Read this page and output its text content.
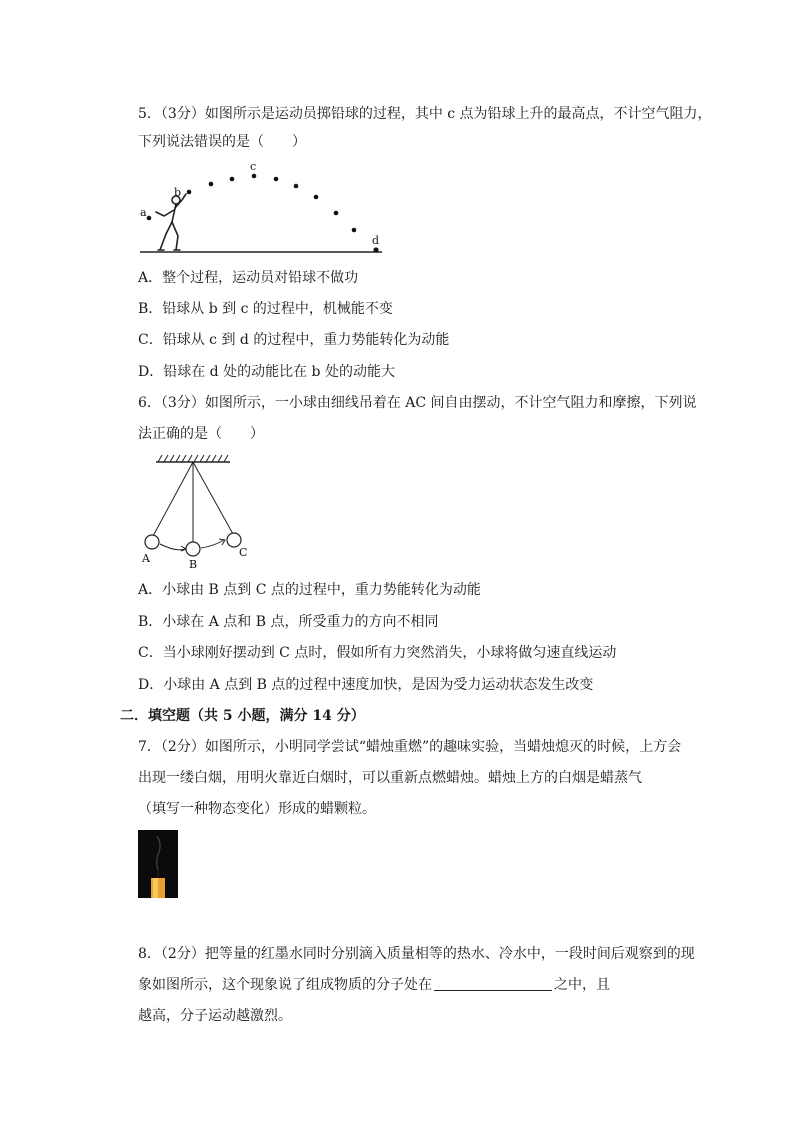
5．（3分）如图所示是运动员掷铅球的过程，其中 c 点为铅球上升的最高点，不计空气阻力，
下列说法错误的是（　　）
a
b
c
d
A．整个过程，运动员对铅球不做功
B．铅球从 b 到 c 的过程中，机械能不变
C．铅球从 c 到 d 的过程中，重力势能转化为动能
D．铅球在 d 处的动能比在 b 处的动能大
6．（3分）如图所示，一小球由细线吊着在 AC 间自由摆动，不计空气阻力和摩擦，下列说
法正确的是（　　）
A	B
C
A．小球由 B 点到 C 点的过程中，重力势能转化为动能
B．小球在 A 点和 B 点，所受重力的方向不相同
C．当小球刚好摆动到 C 点时，假如所有力突然消失，小球将做匀速直线运动
D．小球由 A 点到 B 点的过程中速度加快，是因为受力运动状态发生改变
二．填空题（共 5 小题，满分 14 分）
7．（2分）如图所示，小明同学尝试“蜡烛重燃”的趣味实验，当蜡烛熄灭的时候，上方会
出现一缕白烟，用明火靠近白烟时，可以重新点燃蜡烛。蜡烛上方的白烟是蜡蒸气
（填写一种物态变化）形成的蜡颗粒。
8．（2分）把等量的红墨水同时分别滴入质量相等的热水、冷水中，一段时间后观察到的现
象如图所示，这个现象说了组成物质的分子处在	之中，且
越高，分子运动越激烈。
